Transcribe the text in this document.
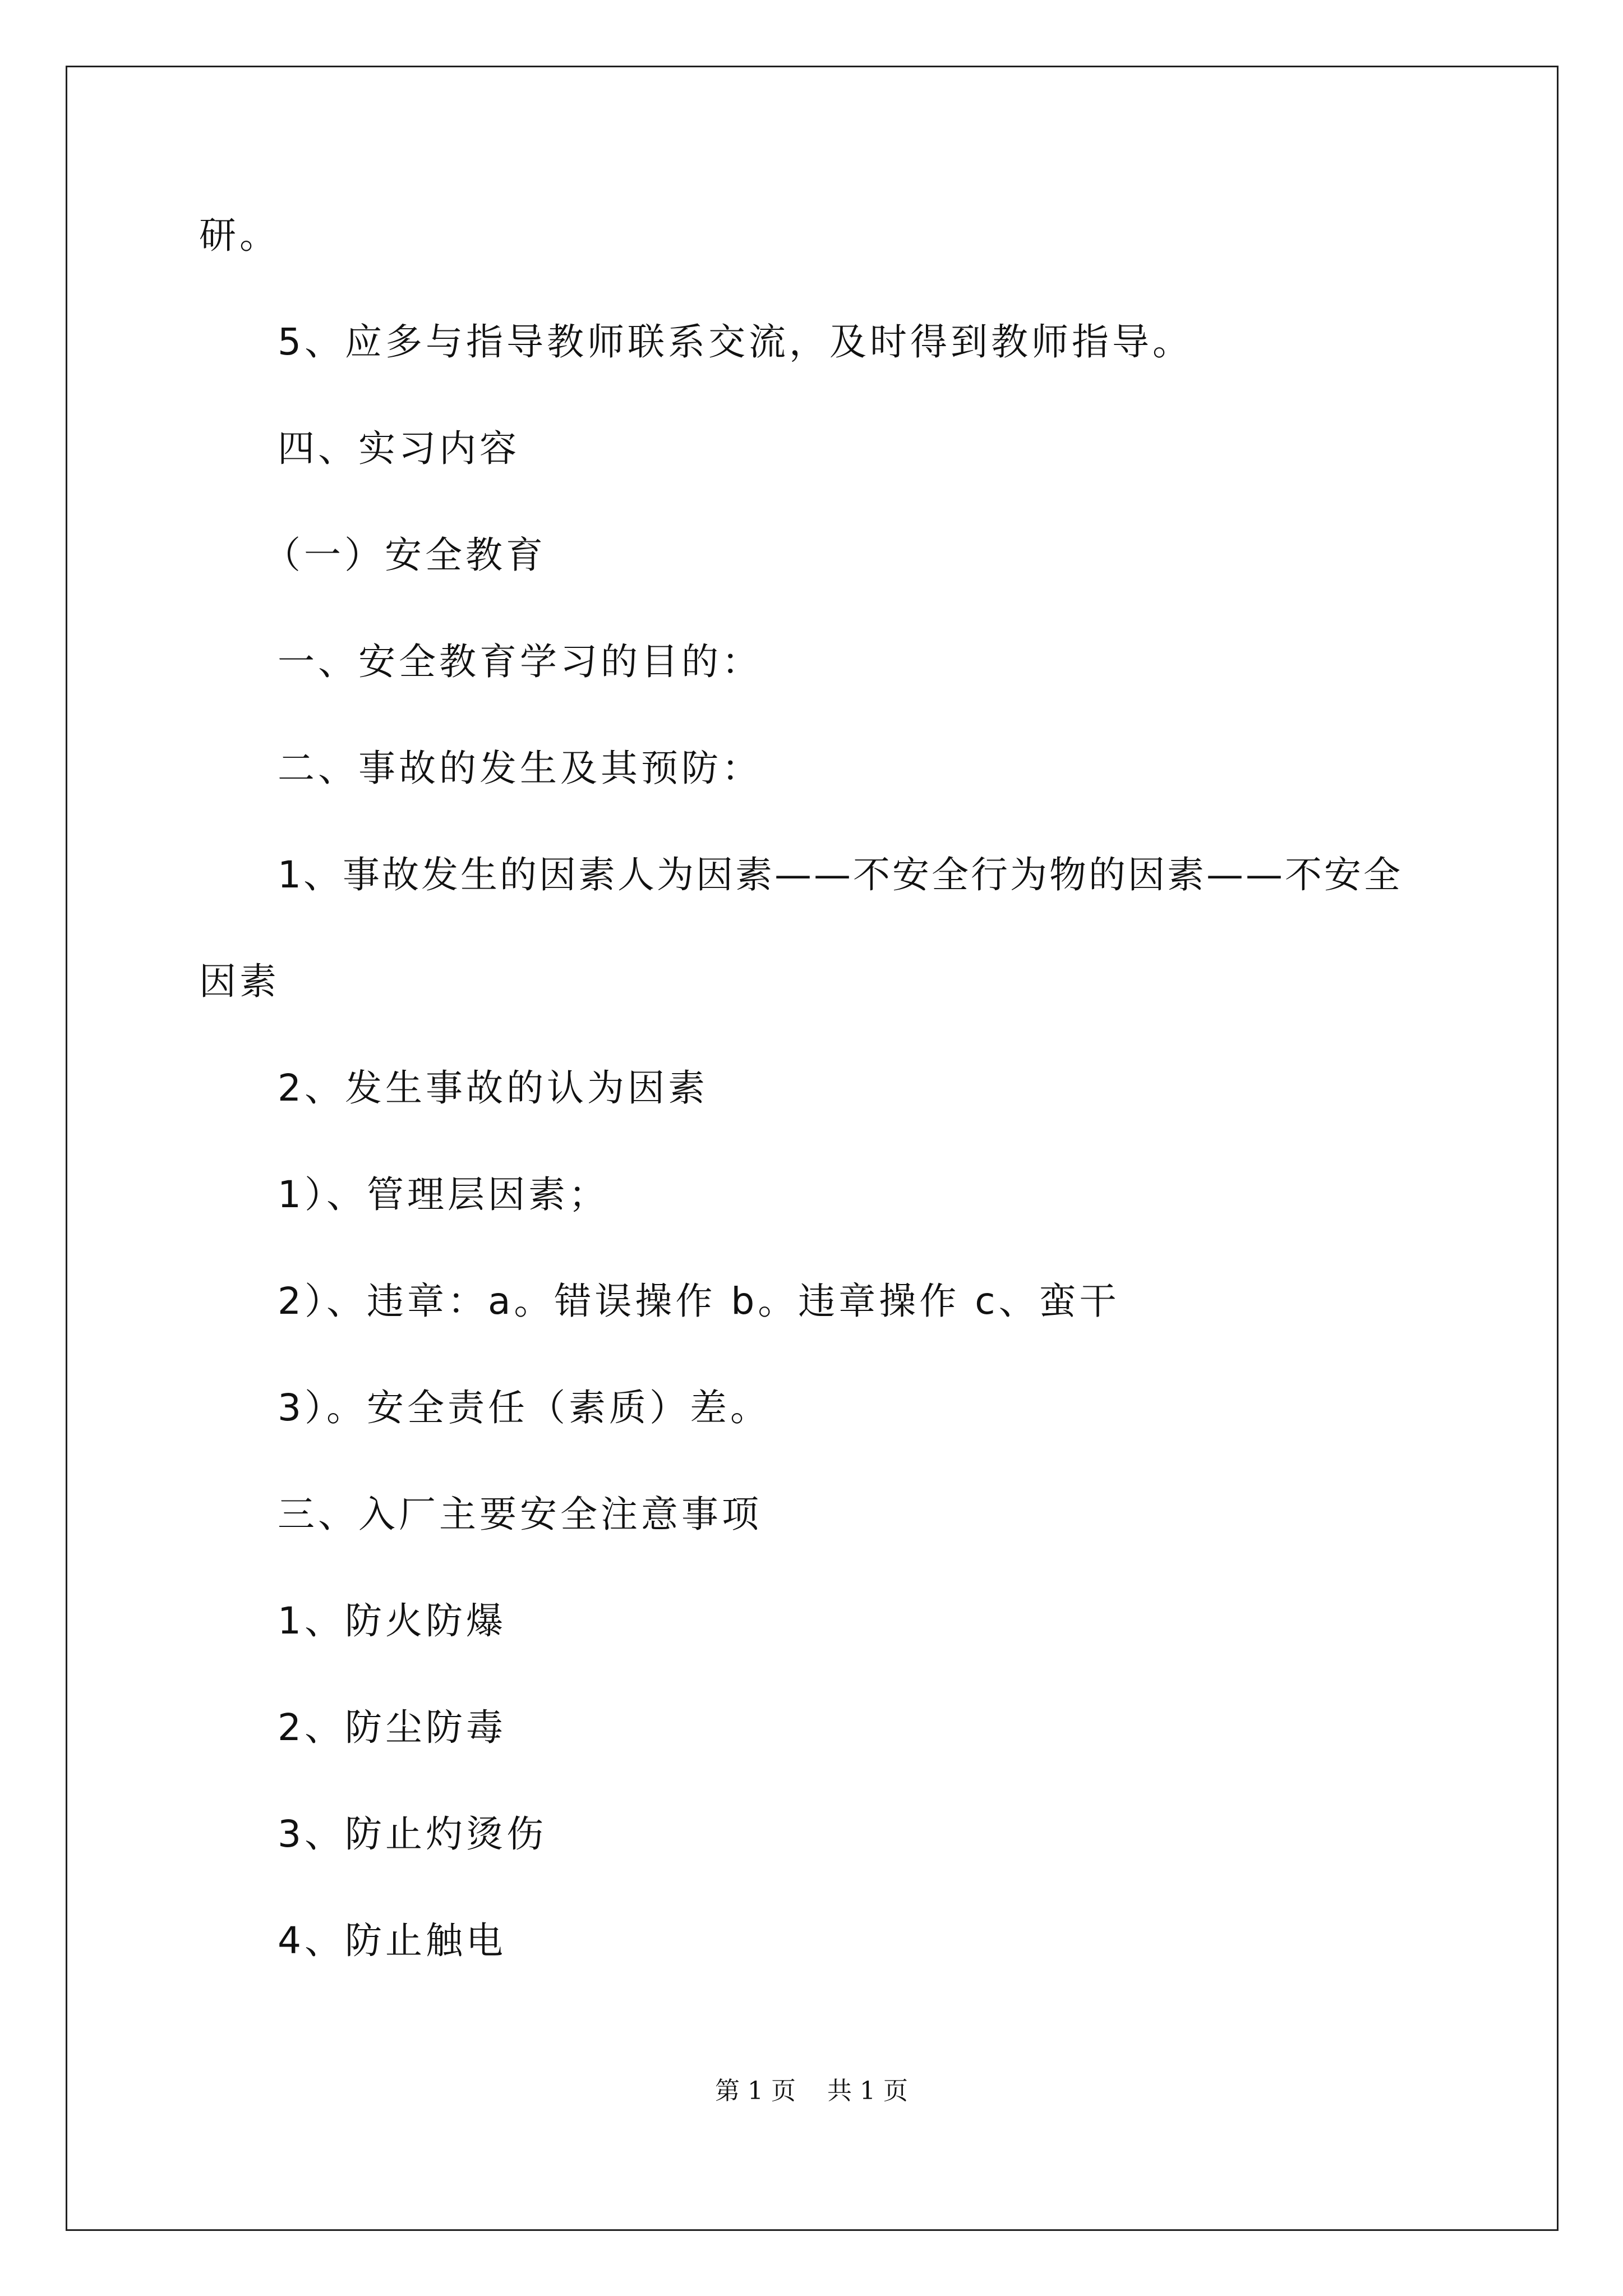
研。
5、应多与指导教师联系交流，及时得到教师指导。
四、实习内容
（一）安全教育
一、安全教育学习的目的：
二、事故的发生及其预防：
1、事故发生的因素人为因素——不安全行为物的因素——不安全
因素
2、发生事故的认为因素
1）、管理层因素；
2）、违章：a。错误操作 b。违章操作 c、蛮干
3）。安全责任（素质）差。
三、入厂主要安全注意事项
1、防火防爆
2、防尘防毒
3、防止灼烫伤
4、防止触电
第 1 页 共 1 页
